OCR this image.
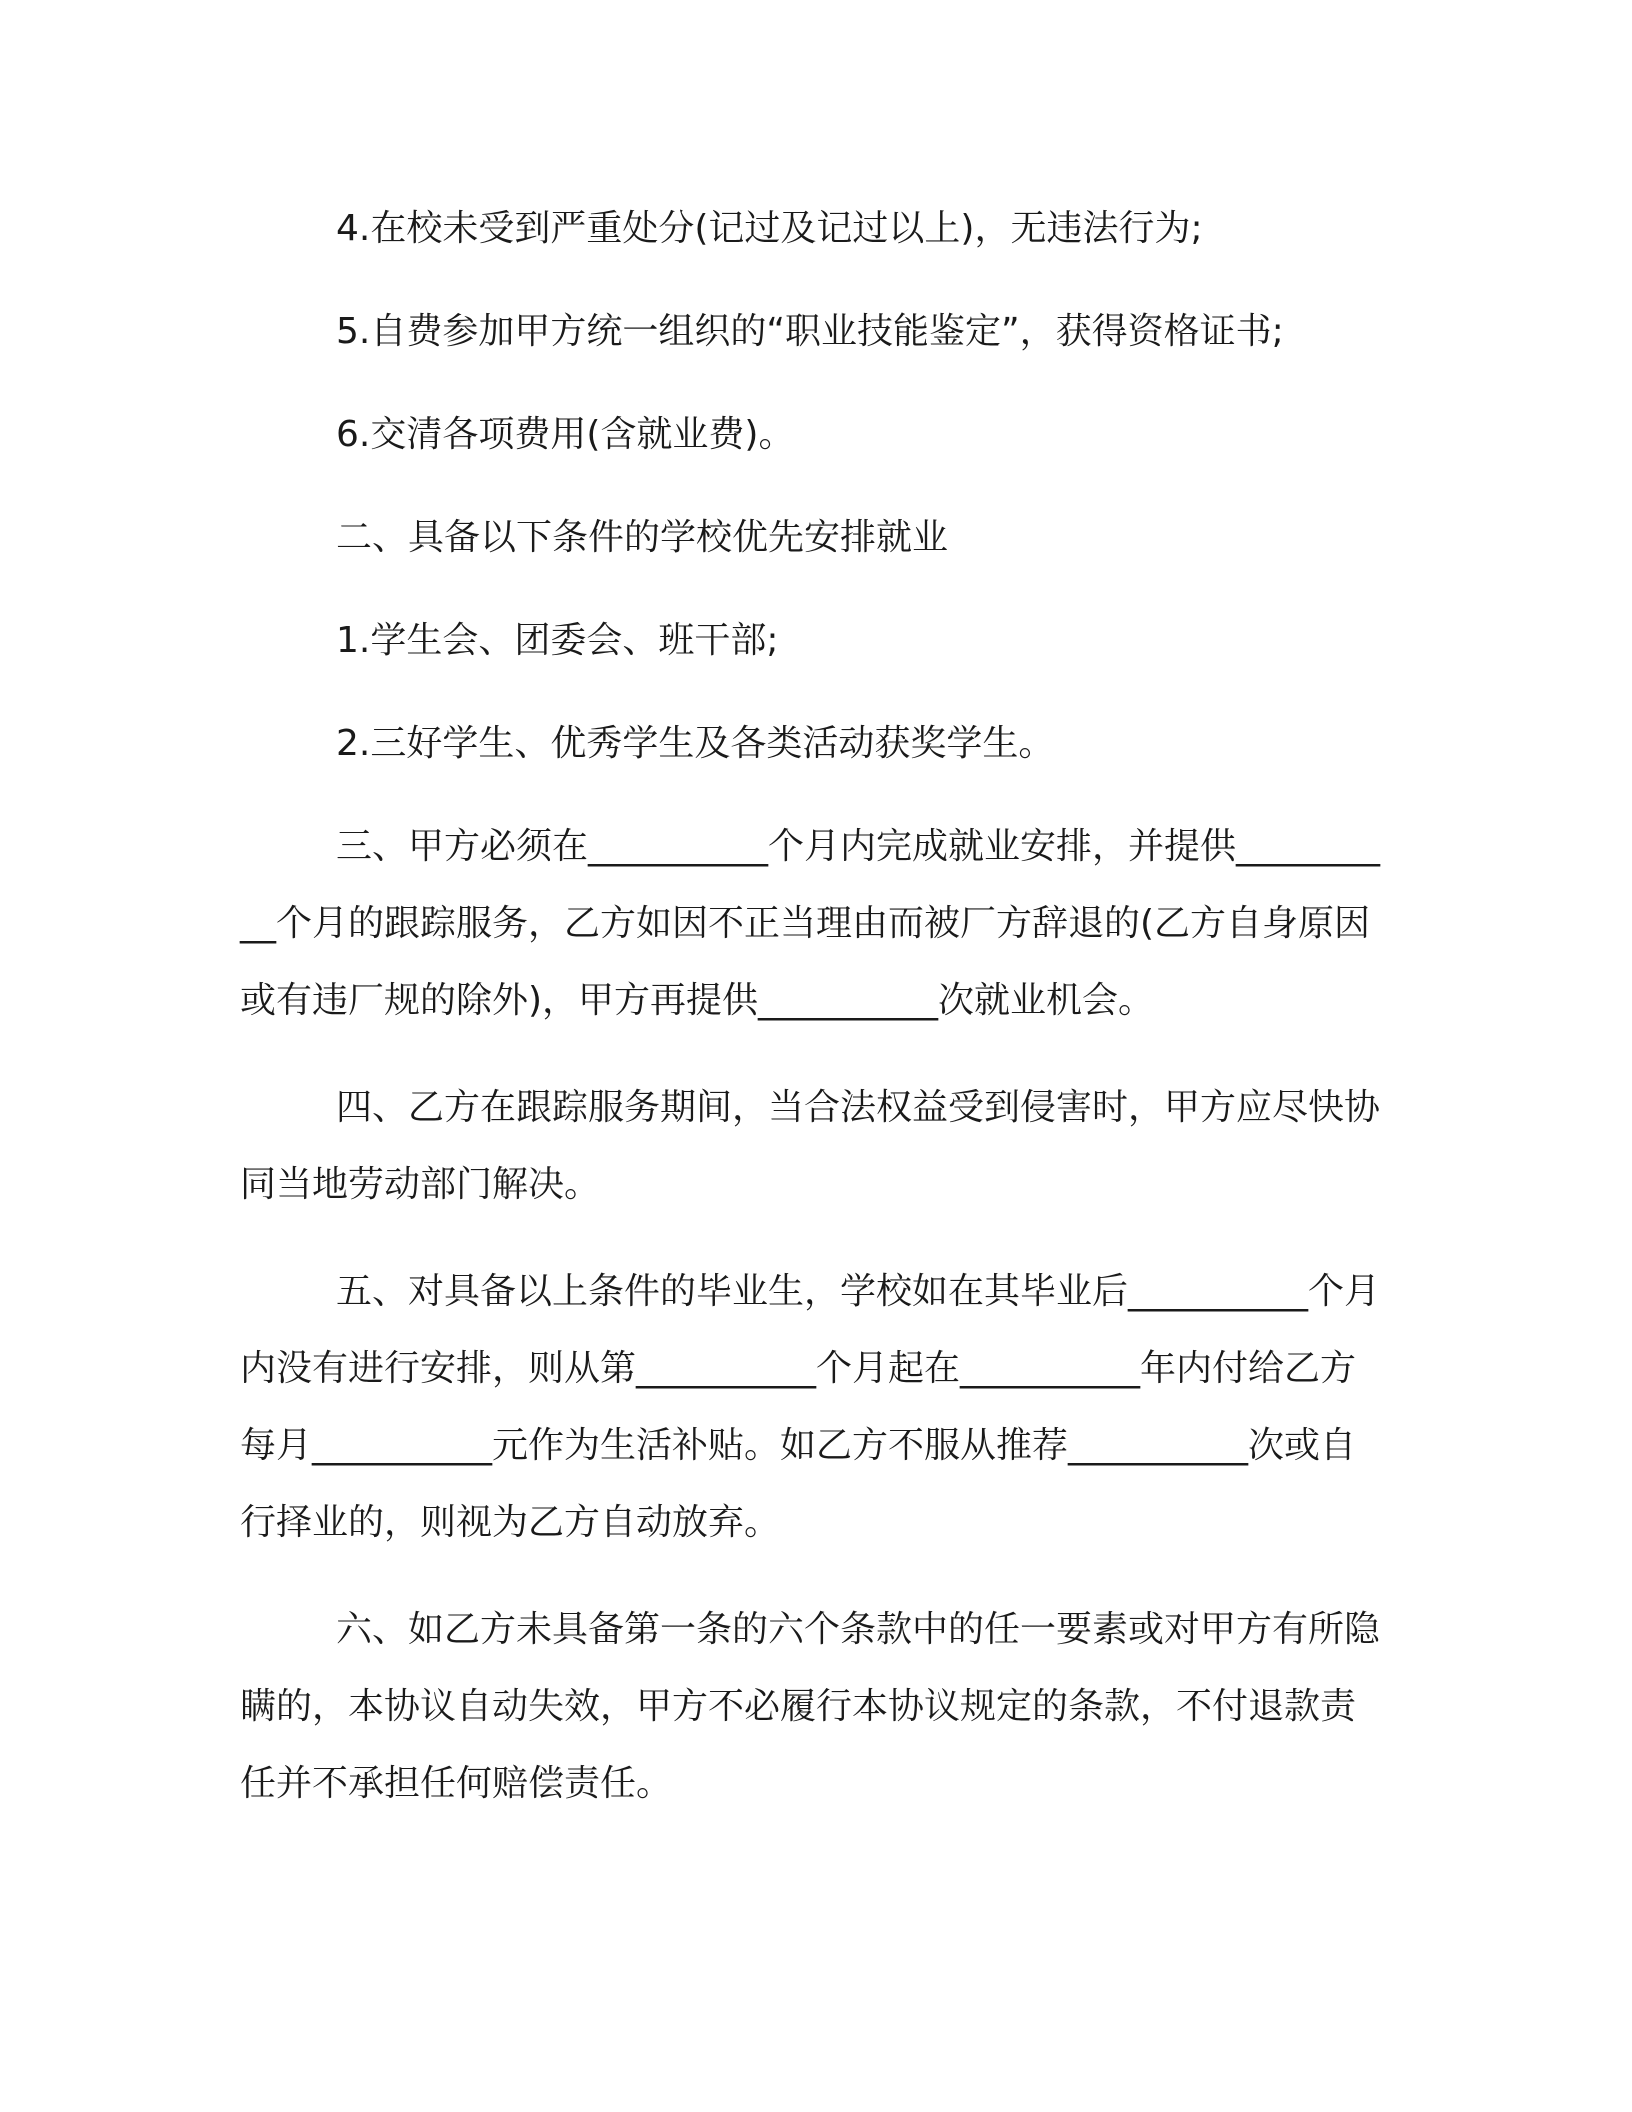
4.在校未受到严重处分(记过及记过以上)，无违法行为;

5.自费参加甲方统一组织的“职业技能鉴定”，获得资格证书;

6.交清各项费用(含就业费)。

二、具备以下条件的学校优先安排就业

1.学生会、团委会、班干部;

2.三好学生、优秀学生及各类活动获奖学生。

三、甲方必须在__________个月内完成就业安排，并提供__________个月的跟踪服务，乙方如因不正当理由而被厂方辞退的(乙方自身原因或有违厂规的除外)，甲方再提供__________次就业机会。

四、乙方在跟踪服务期间，当合法权益受到侵害时，甲方应尽快协同当地劳动部门解决。

五、对具备以上条件的毕业生，学校如在其毕业后__________个月内没有进行安排，则从第__________个月起在__________年内付给乙方每月__________元作为生活补贴。如乙方不服从推荐__________次或自行择业的，则视为乙方自动放弃。

六、如乙方未具备第一条的六个条款中的任一要素或对甲方有所隐瞒的，本协议自动失效，甲方不必履行本协议规定的条款，不付退款责任并不承担任何赔偿责任。
